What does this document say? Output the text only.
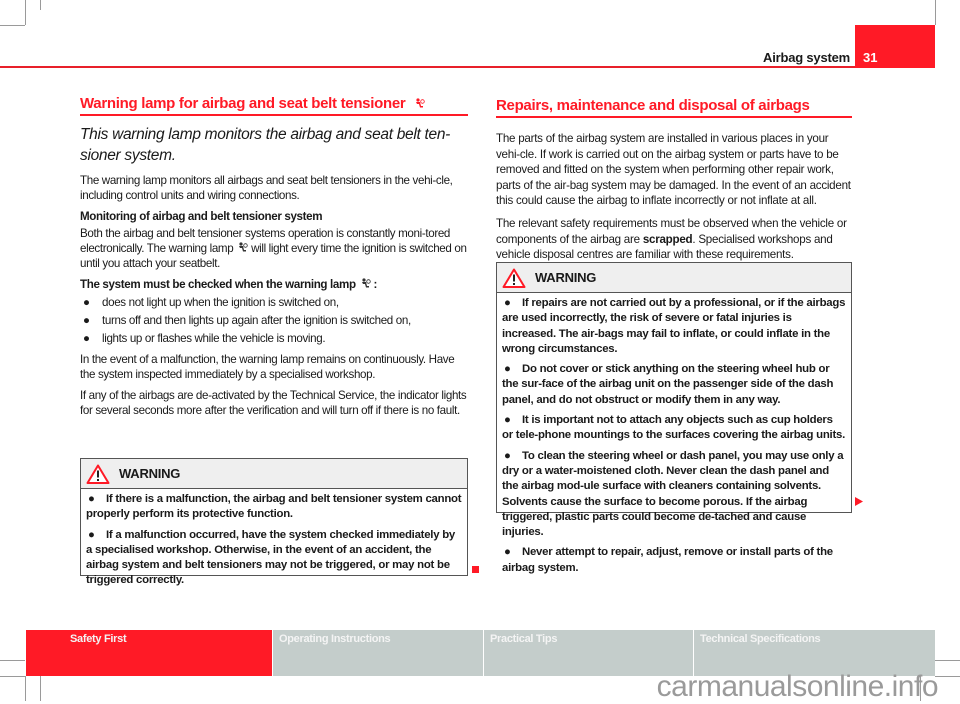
Airbag system	31
Warning lamp for airbag and seat belt tensioner
This warning lamp monitors the airbag and seat belt ten-sioner system.

The warning lamp monitors all airbags and seat belt tensioners in the vehi-cle, including control units and wiring connections.

Monitoring of airbag and belt tensioner system

Both the airbag and belt tensioner systems operation is constantly moni-tored electronically. The warning lamp will light every time the ignition is switched on until you attach your seatbelt.

The system must be checked when the warning lamp :

●	does not light up when the ignition is switched on,
●	turns off and then lights up again after the ignition is switched on,
●	lights up or flashes while the vehicle is moving.

In the event of a malfunction, the warning lamp remains on continuously. Have the system inspected immediately by a specialised workshop.

If any of the airbags are de-activated by the Technical Service, the indicator lights for several seconds more after the verification and will turn off if there is no fault.

WARNING
● If there is a malfunction, the airbag and belt tensioner system cannot properly perform its protective function.
● If a malfunction occurred, have the system checked immediately by a specialised workshop. Otherwise, in the event of an accident, the airbag system and belt tensioners may not be triggered, or may not be triggered correctly.
Repairs, maintenance and disposal of airbags

The parts of the airbag system are installed in various places in your vehi-cle. If work is carried out on the airbag system or parts have to be removed and fitted on the system when performing other repair work, parts of the air-bag system may be damaged. In the event of an accident this could cause the airbag to inflate incorrectly or not inflate at all.

The relevant safety requirements must be observed when the vehicle or components of the airbag are scrapped. Specialised workshops and vehicle disposal centres are familiar with these requirements.

WARNING
● If repairs are not carried out by a professional, or if the airbags are used incorrectly, the risk of severe or fatal injuries is increased. The air-bags may fail to inflate, or could inflate in the wrong circumstances.
● Do not cover or stick anything on the steering wheel hub or the sur-face of the airbag unit on the passenger side of the dash panel, and do not obstruct or modify them in any way.
● It is important not to attach any objects such as cup holders or tele-phone mountings to the surfaces covering the airbag units.
● To clean the steering wheel or dash panel, you may use only a dry or a water-moistened cloth. Never clean the dash panel and the airbag mod-ule surface with cleaners containing solvents. Solvents cause the surface to become porous. If the airbag triggered, plastic parts could become de-tached and cause injuries.
● Never attempt to repair, adjust, remove or install parts of the airbag system.
Safety First	Operating Instructions	Practical Tips	Technical Specifications
carmanualsonline.info
